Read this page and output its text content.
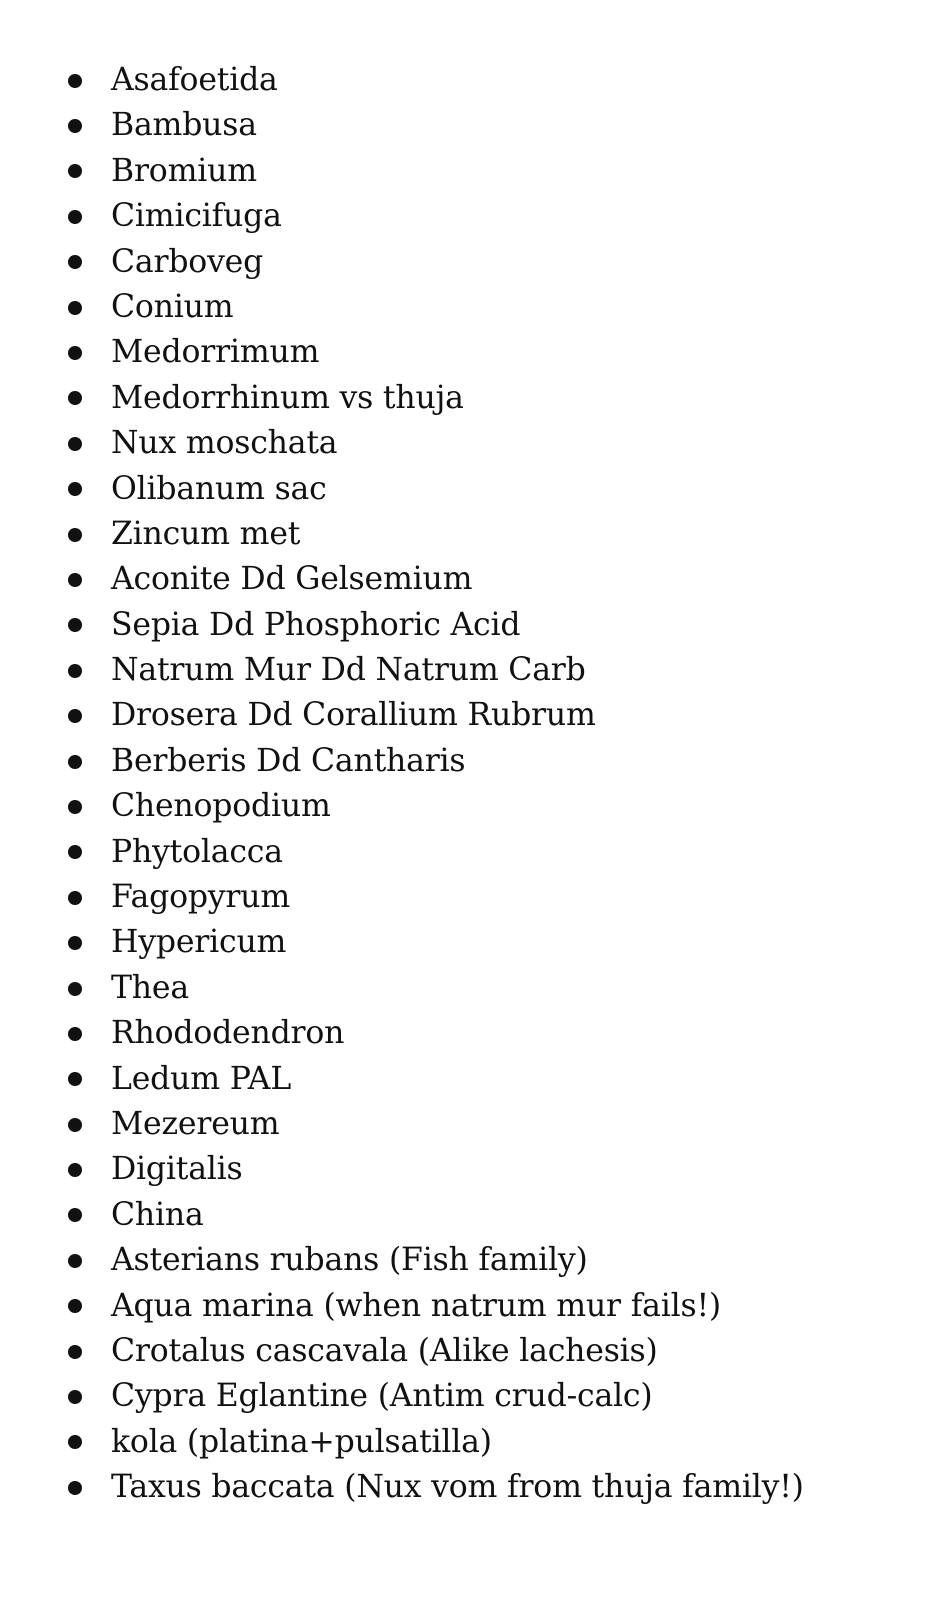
Asafoetida
Bambusa
Bromium
Cimicifuga
Carboveg
Conium
Medorrimum
Medorrhinum vs thuja
Nux moschata
Olibanum sac
Zincum met
Aconite Dd Gelsemium
Sepia Dd Phosphoric Acid
Natrum Mur Dd Natrum Carb
Drosera Dd Corallium Rubrum
Berberis Dd Cantharis
Chenopodium
Phytolacca
Fagopyrum
Hypericum
Thea
Rhododendron
Ledum PAL
Mezereum
Digitalis
China
Asterians rubans (Fish family)
Aqua marina (when natrum mur fails!)
Crotalus cascavala (Alike lachesis)
Cypra Eglantine (Antim crud-calc)
kola (platina+pulsatilla)
Taxus baccata (Nux vom from thuja family!)
